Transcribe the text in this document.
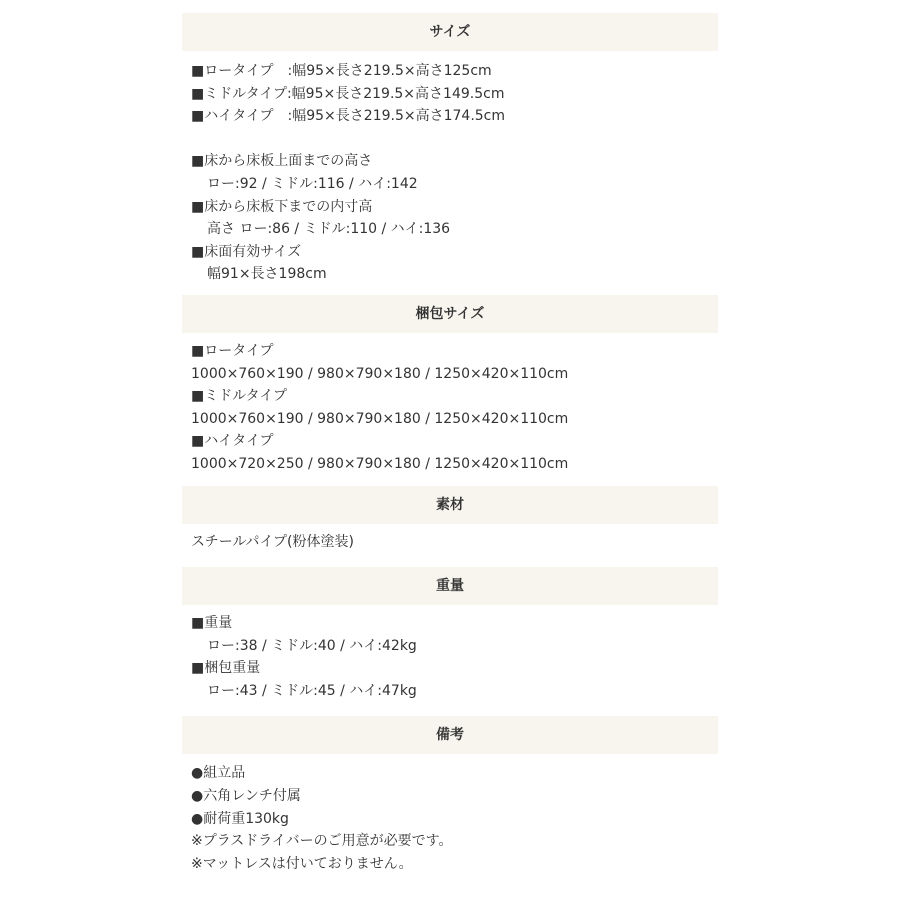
サイズ
■ロータイプ　:幅95×長さ219.5×高さ125cm
■ミドルタイプ:幅95×長さ219.5×高さ149.5cm
■ハイタイプ　:幅95×長さ219.5×高さ174.5cm
■床から床板上面までの高さ
ロー:92 / ミドル:116 / ハイ:142
■床から床板下までの内寸高
高さ ロー:86 / ミドル:110 / ハイ:136
■床面有効サイズ
幅91×長さ198cm
梱包サイズ
■ロータイプ
1000×760×190 / 980×790×180 / 1250×420×110cm
■ミドルタイプ
1000×760×190 / 980×790×180 / 1250×420×110cm
■ハイタイプ
1000×720×250 / 980×790×180 / 1250×420×110cm
素材
スチールパイプ(粉体塗装)
重量
■重量
ロー:38 / ミドル:40 / ハイ:42kg
■梱包重量
ロー:43 / ミドル:45 / ハイ:47kg
備考
●組立品
●六角レンチ付属
●耐荷重130kg
※プラスドライバーのご用意が必要です。
※マットレスは付いておりません。
